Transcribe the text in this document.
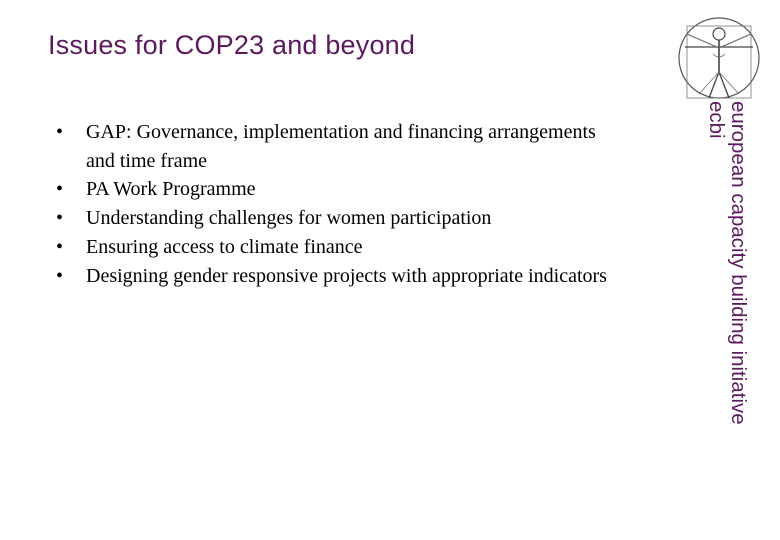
Issues for COP23 and beyond
• GAP: Governance, implementation and financing arrangements and time frame
• PA Work Programme
• Understanding challenges for women participation
• Ensuring access to climate finance
• Designing gender responsive projects with appropriate indicators	european capacity building initiative
ecbi
